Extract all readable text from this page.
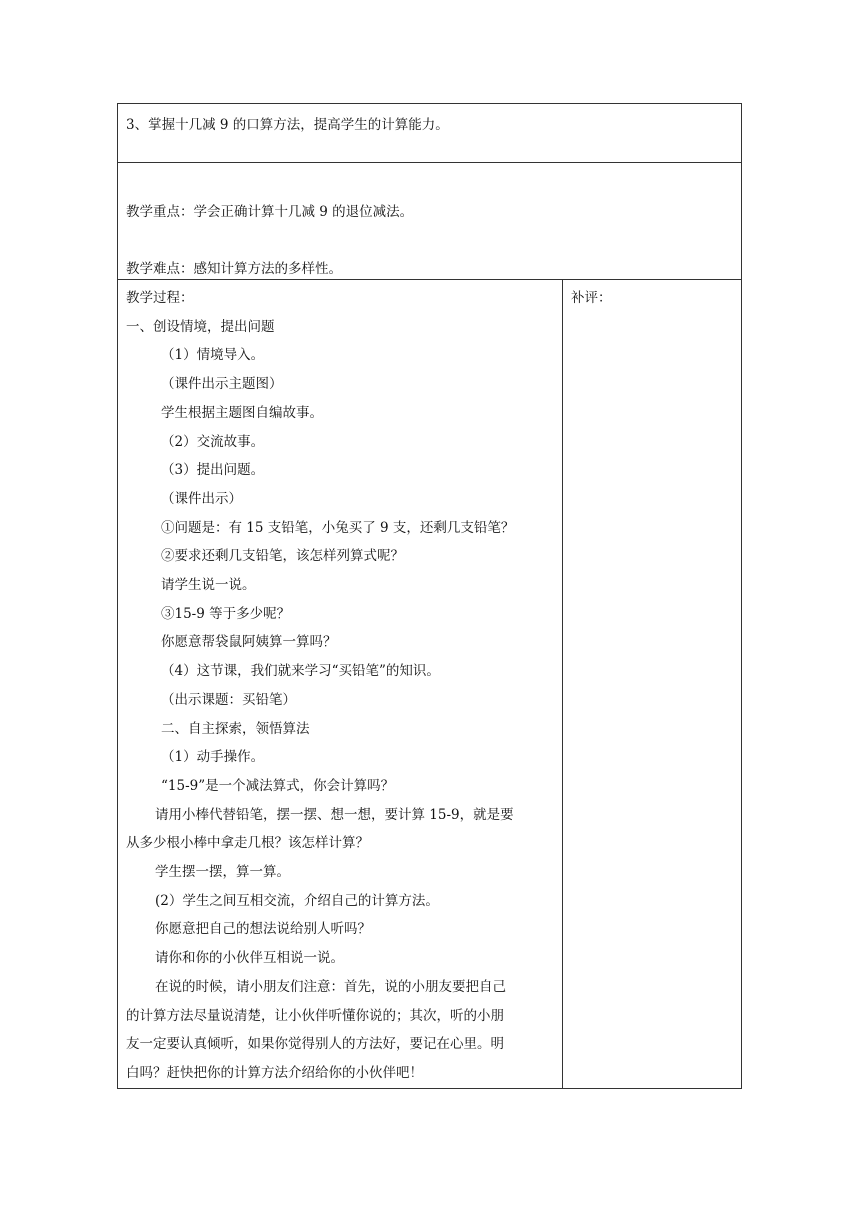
3、掌握十几减 9 的口算方法，提高学生的计算能力。
教学重点：学会正确计算十几减 9 的退位减法。
教学难点：感知计算方法的多样性。
补评：
教学过程：
一、创设情境，提出问题
（1）情境导入。
（课件出示主题图）
学生根据主题图自编故事。
（2）交流故事。
（3）提出问题。
（课件出示）
①问题是：有 15 支铅笔，小兔买了 9 支，还剩几支铅笔？
②要求还剩几支铅笔，该怎样列算式呢？
请学生说一说。
③15-9 等于多少呢？
你愿意帮袋鼠阿姨算一算吗？
（4）这节课，我们就来学习“买铅笔”的知识。
（出示课题：买铅笔）
二、自主探索，领悟算法
（1）动手操作。
“15-9”是一个减法算式，你会计算吗？
请用小棒代替铅笔，摆一摆、想一想，要计算 15-9，就是要
从多少根小棒中拿走几根？该怎样计算？
学生摆一摆，算一算。
(2）学生之间互相交流，介绍自己的计算方法。
你愿意把自己的想法说给别人听吗？
请你和你的小伙伴互相说一说。
在说的时候，请小朋友们注意：首先，说的小朋友要把自己
的计算方法尽量说清楚，让小伙伴听懂你说的；其次，听的小朋
友一定要认真倾听，如果你觉得别人的方法好，要记在心里。明
白吗？赶快把你的计算方法介绍给你的小伙伴吧！
